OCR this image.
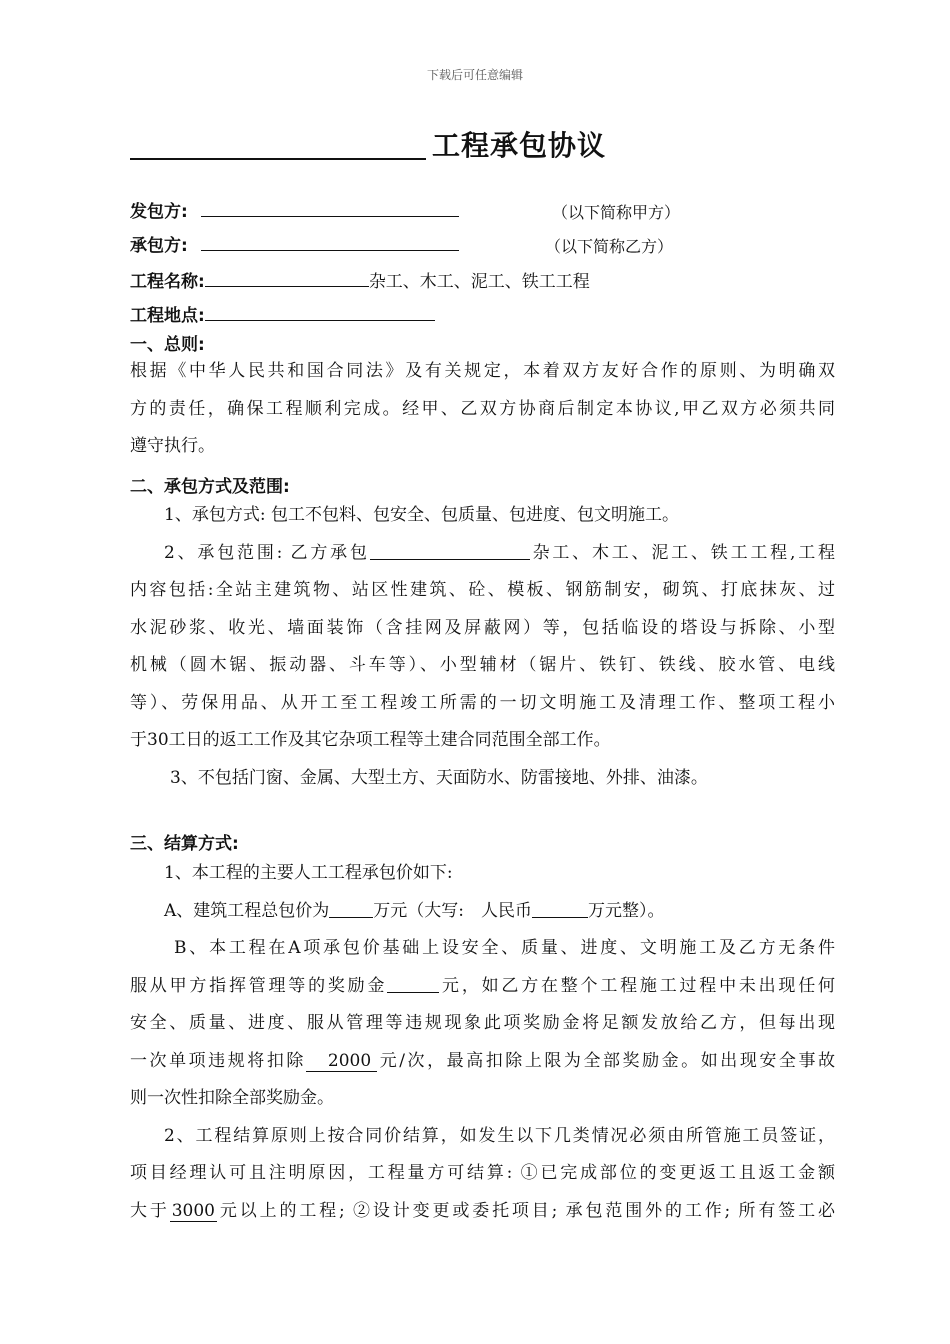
下载后可任意编辑
工程承包协议
发包方:	（以下简称甲方）
承包方:	（以下简称乙方）
工程名称:	杂工、木工、泥工、铁工工程
工程地点:
一、总则:
根据《中华人民共和国合同法》及有关规定，本着双方友好合作的原则、为明确双
方的责任，确保工程顺利完成。经甲、乙双方协商后制定本协议,甲乙双方必须共同
遵守执行。
二、承包方式及范围:
1、承包方式: 包工不包料、包安全、包质量、包进度、包文明施工。
2、承包范围: 乙方承包	杂工、木工、泥工、铁工工程,工程
内容包括:全站主建筑物、站区性建筑、砼、模板、钢筋制安，砌筑、打底抹灰、过
水泥砂浆、收光、墙面装饰（含挂网及屏蔽网）等，包括临设的塔设与拆除、小型
机械（圆木锯、振动器、斗车等）、小型辅材（锯片、铁钉、铁线、胶水管、电线
等）、劳保用品、从开工至工程竣工所需的一切文明施工及清理工作、整项工程小
于30工日的返工工作及其它杂项工程等土建合同范围全部工作。
3、不包括门窗、金属、大型土方、天面防水、防雷接地、外排、油漆。
三、结算方式:
1、本工程的主要人工工程承包价如下:
A、建筑工程总包价为	万元（大写:　人民币	万元整）。
B、本工程在A项承包价基础上设安全、质量、进度、文明施工及乙方无条件
服从甲方指挥管理等的奖励金	元，如乙方在整个工程施工过程中未出现任何
安全、质量、进度、服从管理等违规现象此项奖励金将足额发放给乙方，但每出现
一次单项违规将扣除 2000 元/次，最高扣除上限为全部奖励金。如出现安全事故
则一次性扣除全部奖励金。
2、工程结算原则上按合同价结算，如发生以下几类情况必须由所管施工员签证，
项目经理认可且注明原因，工程量方可结算: ①已完成部位的变更返工且返工金额
大于 3000 元以上的工程; ②设计变更或委托项目; 承包范围外的工作; 所有签工必
